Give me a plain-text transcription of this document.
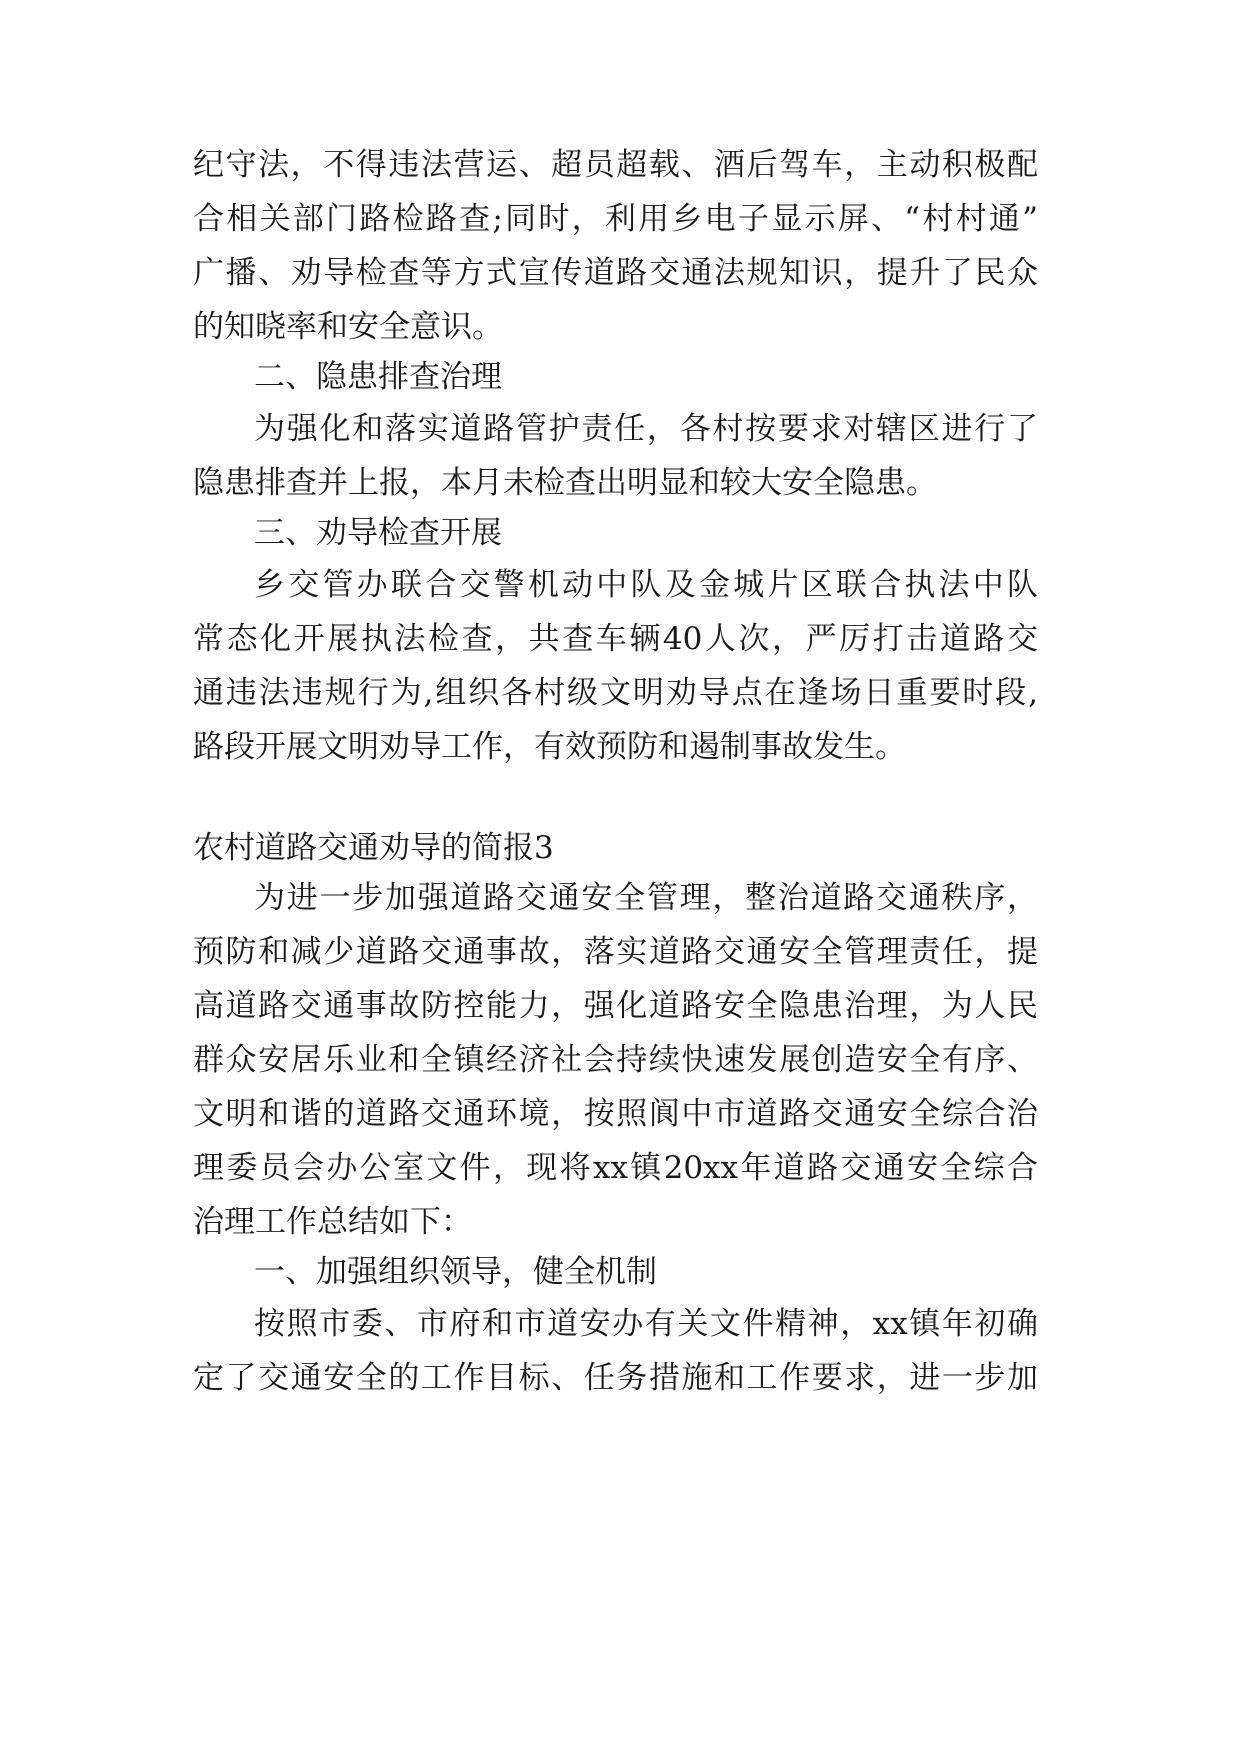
纪守法，不得违法营运、超员超载、酒后驾车，主动积极配
合相关部门路检路查;同时，利用乡电子显示屏、“村村通”
广播、劝导检查等方式宣传道路交通法规知识，提升了民众
的知晓率和安全意识。
二、隐患排查治理
为强化和落实道路管护责任，各村按要求对辖区进行了
隐患排查并上报，本月未检查出明显和较大安全隐患。
三、劝导检查开展
乡交管办联合交警机动中队及金城片区联合执法中队
常态化开展执法检查，共查车辆40人次，严厉打击道路交
通违法违规行为,组织各村级文明劝导点在逢场日重要时段,
路段开展文明劝导工作，有效预防和遏制事故发生。
农村道路交通劝导的简报3
为进一步加强道路交通安全管理，整治道路交通秩序，
预防和减少道路交通事故，落实道路交通安全管理责任，提
高道路交通事故防控能力，强化道路安全隐患治理，为人民
群众安居乐业和全镇经济社会持续快速发展创造安全有序、
文明和谐的道路交通环境，按照阆中市道路交通安全综合治
理委员会办公室文件，现将xx镇20xx年道路交通安全综合
治理工作总结如下：
一、加强组织领导，健全机制
按照市委、市府和市道安办有关文件精神，xx镇年初确
定了交通安全的工作目标、任务措施和工作要求，进一步加
